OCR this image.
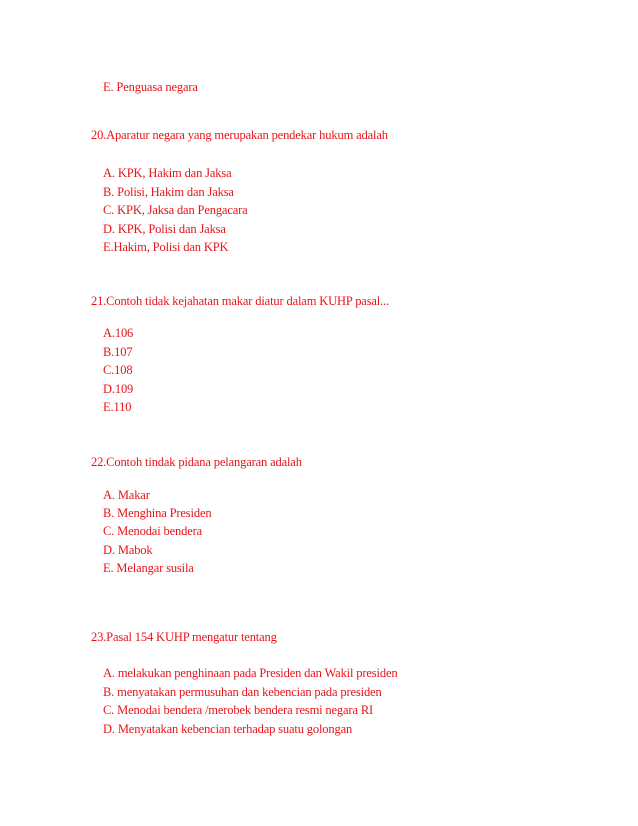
E. Penguasa negara
20.Aparatur negara yang merupakan pendekar hukum adalah
A. KPK, Hakim dan Jaksa
B. Polisi, Hakim dan Jaksa
C. KPK, Jaksa dan Pengacara
D. KPK, Polisi dan Jaksa
E.Hakim, Polisi dan KPK
21.Contoh tidak kejahatan makar diatur dalam KUHP pasal...
A.106
B.107
C.108
D.109
E.110
22.Contoh tindak pidana pelangaran adalah
A. Makar
B. Menghina Presiden
C. Menodai bendera
D. Mabok
E. Melangar susila
23.Pasal 154 KUHP mengatur tentang
A. melakukan penghinaan pada Presiden dan Wakil presiden
B. menyatakan permusuhan dan kebencian pada presiden
C. Menodai bendera /merobek bendera resmi negara RI
D. Menyatakan kebencian terhadap suatu golongan
